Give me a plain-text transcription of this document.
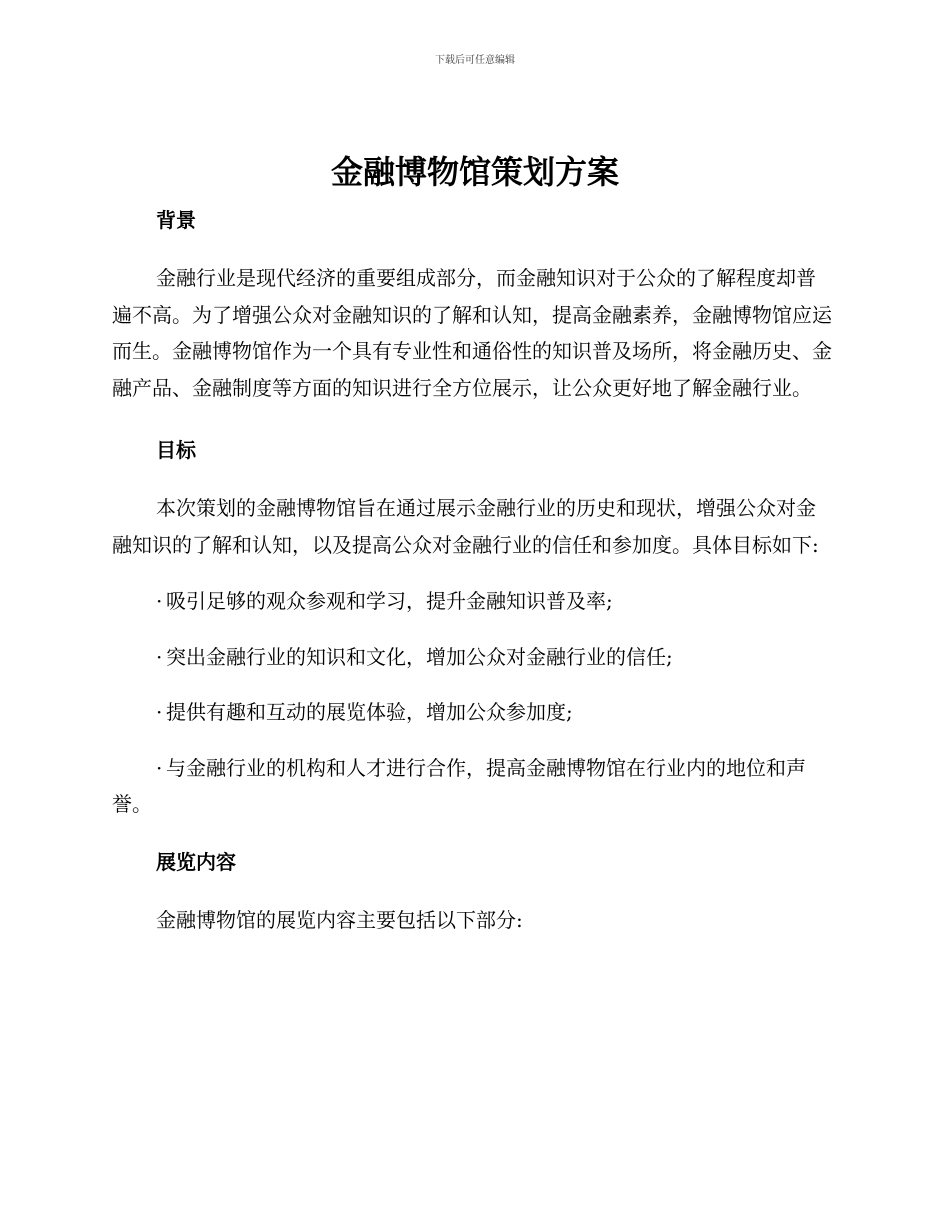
下载后可任意编辑
金融博物馆策划方案
背景

金融行业是现代经济的重要组成部分，而金融知识对于公众的了解程度却普遍不高。为了增强公众对金融知识的了解和认知，提高金融素养，金融博物馆应运而生。金融博物馆作为一个具有专业性和通俗性的知识普及场所，将金融历史、金融产品、金融制度等方面的知识进行全方位展示，让公众更好地了解金融行业。

目标

本次策划的金融博物馆旨在通过展示金融行业的历史和现状，增强公众对金融知识的了解和认知，以及提高公众对金融行业的信任和参加度。具体目标如下:

· 吸引足够的观众参观和学习，提升金融知识普及率;
· 突出金融行业的知识和文化，增加公众对金融行业的信任;
· 提供有趣和互动的展览体验，增加公众参加度;
· 与金融行业的机构和人才进行合作，提高金融博物馆在行业内的地位和声誉。
展览内容

金融博物馆的展览内容主要包括以下部分:
